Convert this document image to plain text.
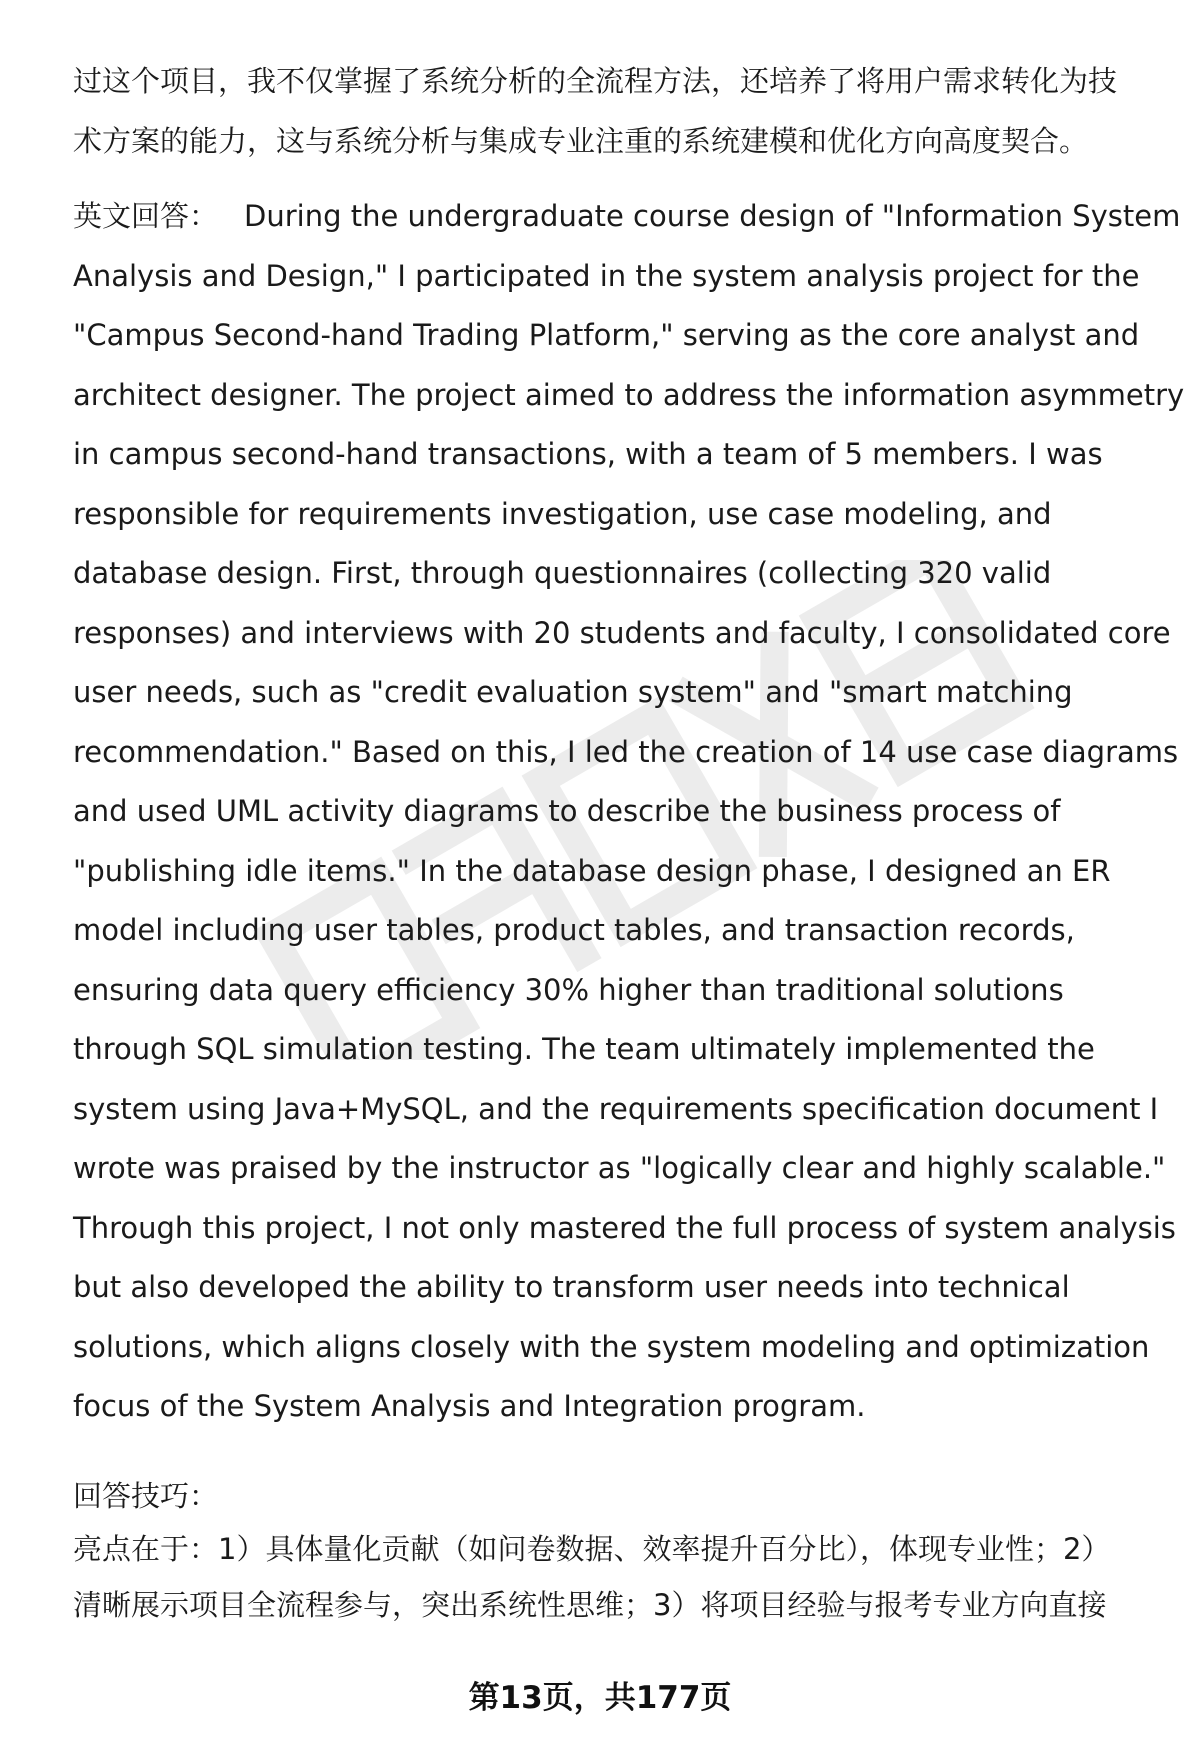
过这个项目，我不仅掌握了系统分析的全流程方法，还培养了将用户需求转化为技
术方案的能力，这与系统分析与集成专业注重的系统建模和优化方向高度契合。

英文回答： During the undergraduate course design of "Information System
Analysis and Design," I participated in the system analysis project for the
"Campus Second-hand Trading Platform," serving as the core analyst and
architect designer. The project aimed to address the information asymmetry
in campus second-hand transactions, with a team of 5 members. I was
responsible for requirements investigation, use case modeling, and
database design. First, through questionnaires (collecting 320 valid
responses) and interviews with 20 students and faculty, I consolidated core
user needs, such as "credit evaluation system" and "smart matching
recommendation." Based on this, I led the creation of 14 use case diagrams
and used UML activity diagrams to describe the business process of
"publishing idle items." In the database design phase, I designed an ER
model including user tables, product tables, and transaction records,
ensuring data query efficiency 30% higher than traditional solutions
through SQL simulation testing. The team ultimately implemented the
system using Java+MySQL, and the requirements specification document I
wrote was praised by the instructor as "logically clear and highly scalable."
Through this project, I not only mastered the full process of system analysis
but also developed the ability to transform user needs into technical
solutions, which aligns closely with the system modeling and optimization
focus of the System Analysis and Integration program.
回答技巧：
亮点在于：1）具体量化贡献（如问卷数据、效率提升百分比），体现专业性；2）
清晰展示项目全流程参与，突出系统性思维；3）将项目经验与报考专业方向直接
第13页，共177页
